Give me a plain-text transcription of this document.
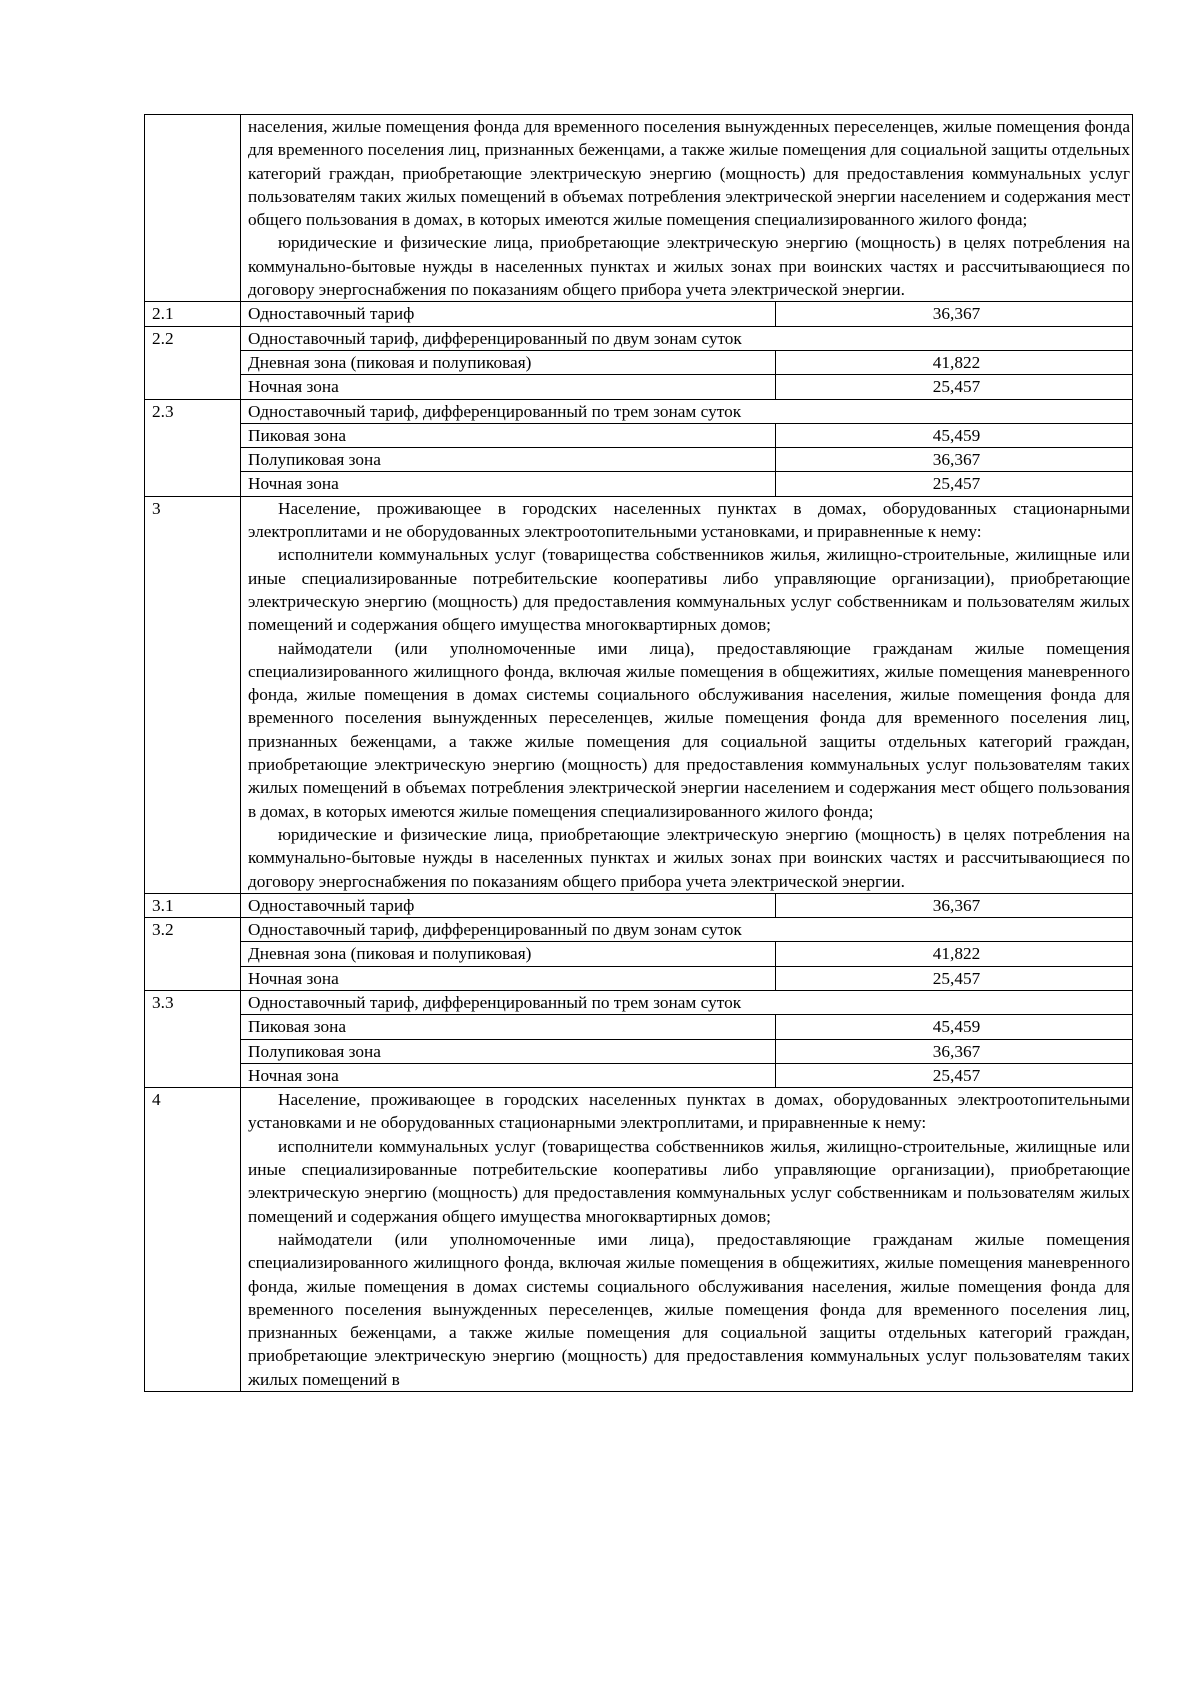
	населения, жилые помещения фонда для временного поселения вынужденных переселенцев, жилые помещения фонда для временного поселения лиц, признанных беженцами, а также жилые помещения для социальной защиты отдельных категорий граждан, приобретающие электрическую энергию (мощность) для предоставления коммунальных услуг пользователям таких жилых помещений в объемах потребления электрической энергии населением и содержания мест общего пользования в домах, в которых имеются жилые помещения специализированного жилого фонда;

юридические и физические лица, приобретающие электрическую энергию (мощность) в целях потребления на коммунально-бытовые нужды в населенных пунктах и жилых зонах при воинских частях и рассчитывающиеся по договору энергоснабжения по показаниям общего прибора учета электрической энергии.	

2.1	Одноставочный тариф	36,367
2.2	Одноставочный тариф, дифференцированный по двум зонам суток	
	Дневная зона (пиковая и полупиковая)	41,822
	Ночная зона	25,457
2.3	Одноставочный тариф, дифференцированный по трем зонам суток	
	Пиковая зона	45,459
	Полупиковая зона	36,367
	Ночная зона	25,457
3	Население, проживающее в городских населенных пунктах в домах, оборудованных стационарными электроплитами и не оборудованных электроотопительными установками, и приравненные к нему:

исполнители коммунальных услуг (товарищества собственников жилья, жилищно-строительные, жилищные или иные специализированные потребительские кооперативы либо управляющие организации), приобретающие электрическую энергию (мощность) для предоставления коммунальных услуг собственникам и пользователям жилых помещений и содержания общего имущества многоквартирных домов;

наймодатели (или уполномоченные ими лица), предоставляющие гражданам жилые помещения специализированного жилищного фонда, включая жилые помещения в общежитиях, жилые помещения маневренного фонда, жилые помещения в домах системы социального обслуживания населения, жилые помещения фонда для временного поселения вынужденных переселенцев, жилые помещения фонда для временного поселения лиц, признанных беженцами, а также жилые помещения для социальной защиты отдельных категорий граждан, приобретающие электрическую энергию (мощность) для предоставления коммунальных услуг пользователям таких жилых помещений в объемах потребления электрической энергии населением и содержания мест общего пользования в домах, в которых имеются жилые помещения специализированного жилого фонда;

юридические и физические лица, приобретающие электрическую энергию (мощность) в целях потребления на коммунально-бытовые нужды в населенных пунктах и жилых зонах при воинских частях и рассчитывающиеся по договору энергоснабжения по показаниям общего прибора учета электрической энергии.	

3.1	Одноставочный тариф	36,367
3.2	Одноставочный тариф, дифференцированный по двум зонам суток	
	Дневная зона (пиковая и полупиковая)	41,822
	Ночная зона	25,457
3.3	Одноставочный тариф, дифференцированный по трем зонам суток	
	Пиковая зона	45,459
	Полупиковая зона	36,367
	Ночная зона	25,457
4	Население, проживающее в городских населенных пунктах в домах, оборудованных электроотопительными установками и не оборудованных стационарными электроплитами, и приравненные к нему:

исполнители коммунальных услуг (товарищества собственников жилья, жилищно-строительные, жилищные или иные специализированные потребительские кооперативы либо управляющие организации), приобретающие электрическую энергию (мощность) для предоставления коммунальных услуг собственникам и пользователям жилых помещений и содержания общего имущества многоквартирных домов;

наймодатели (или уполномоченные ими лица), предоставляющие гражданам жилые помещения специализированного жилищного фонда, включая жилые помещения в общежитиях, жилые помещения маневренного фонда, жилые помещения в домах системы социального обслуживания населения, жилые помещения фонда для временного поселения вынужденных переселенцев, жилые помещения фонда для временного поселения лиц, признанных беженцами, а также жилые помещения для социальной защиты отдельных категорий граждан, приобретающие электрическую энергию (мощность) для предоставления коммунальных услуг пользователям таких жилых помещений в	
